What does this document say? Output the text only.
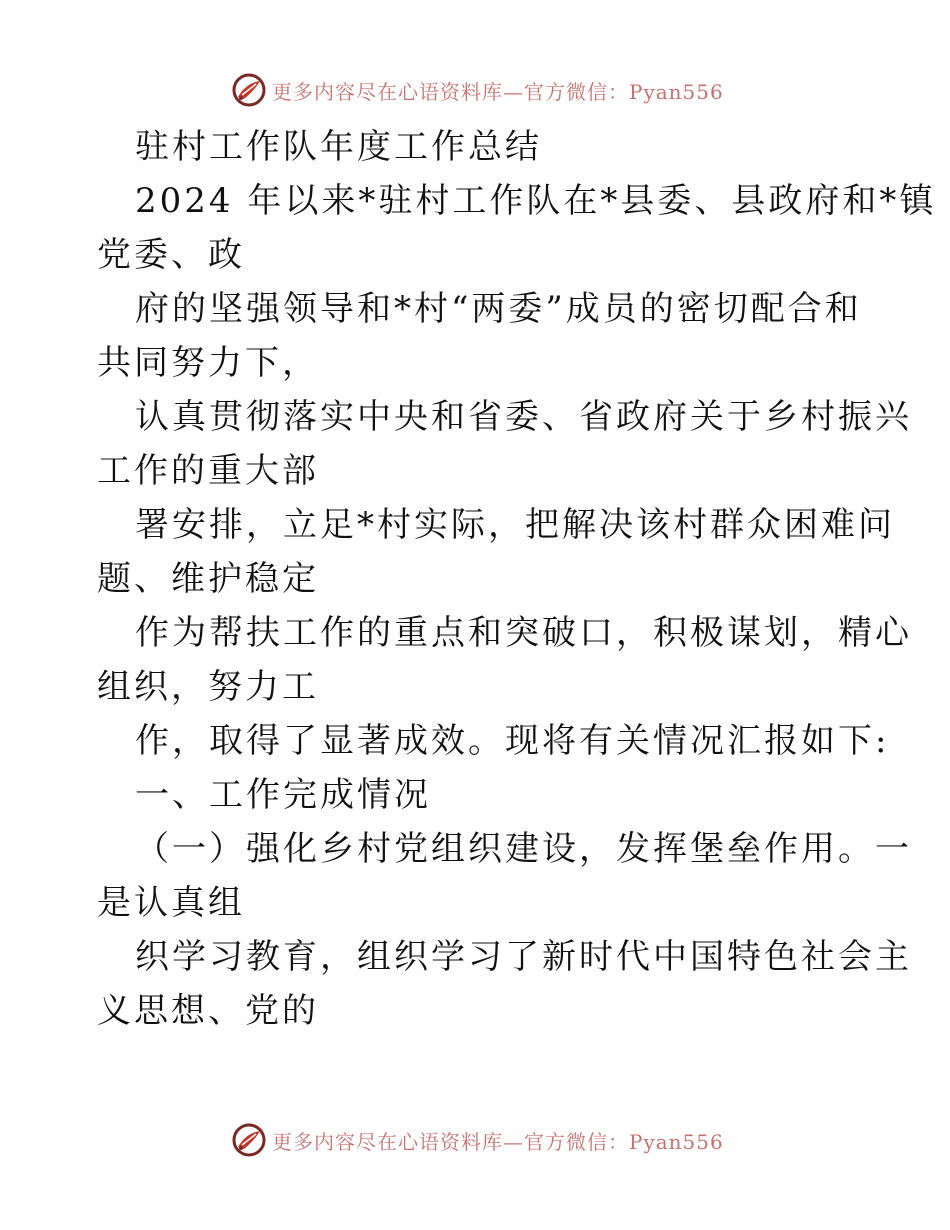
更多内容尽在心语资料库—官方微信：Pyan556
驻村工作队年度工作总结
2024 年以来*驻村工作队在*县委、县政府和*镇
党委、政
府的坚强领导和*村“两委”成员的密切配合和
共同努力下，
认真贯彻落实中央和省委、省政府关于乡村振兴
工作的重大部
署安排，立足*村实际，把解决该村群众困难问
题、维护稳定
作为帮扶工作的重点和突破口，积极谋划，精心
组织，努力工
作，取得了显著成效。现将有关情况汇报如下:
一、工作完成情况
（一）强化乡村党组织建设，发挥堡垒作用。一
是认真组
织学习教育，组织学习了新时代中国特色社会主
义思想、党的
更多内容尽在心语资料库—官方微信：Pyan556
